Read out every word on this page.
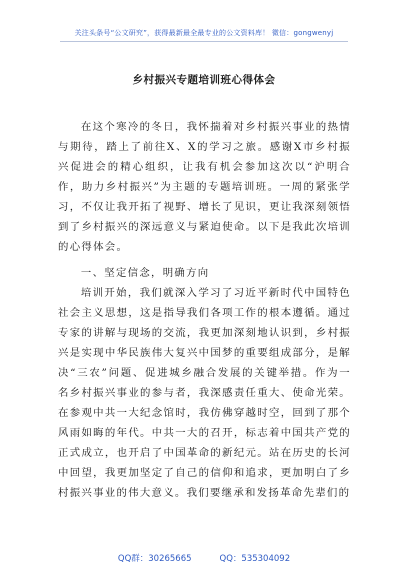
关注头条号“公文研究”，获得最新最全最专业的公文资料库！ 微信：gongwenyj
乡村振兴专题培训班心得体会

在这个寒冷的冬日，我怀揣着对乡村振兴事业的热情与期待，踏上了前往X、X的学习之旅。感谢X市乡村振兴促进会的精心组织，让我有机会参加这次以“沪明合作，助力乡村振兴”为主题的专题培训班。一周的紧张学习，不仅让我开拓了视野、增长了见识，更让我深刻领悟到了乡村振兴的深远意义与紧迫使命。以下是我此次培训的心得体会。

一、坚定信念，明确方向

培训开始，我们就深入学习了习近平新时代中国特色社会主义思想，这是指导我们各项工作的根本遵循。通过专家的讲解与现场的交流，我更加深刻地认识到，乡村振兴是实现中华民族伟大复兴中国梦的重要组成部分，是解决“三农”问题、促进城乡融合发展的关键举措。作为一名乡村振兴事业的参与者，我深感责任重大、使命光荣。在参观中共一大纪念馆时，我仿佛穿越时空，回到了那个风雨如晦的年代。中共一大的召开，标志着中国共产党的正式成立，也开启了中国革命的新纪元。站在历史的长河中回望，我更加坚定了自己的信仰和追求，更加明白了乡村振兴事业的伟大意义。我们要继承和发扬革命先辈们的

QQ群：30265665	QQ：535304092
